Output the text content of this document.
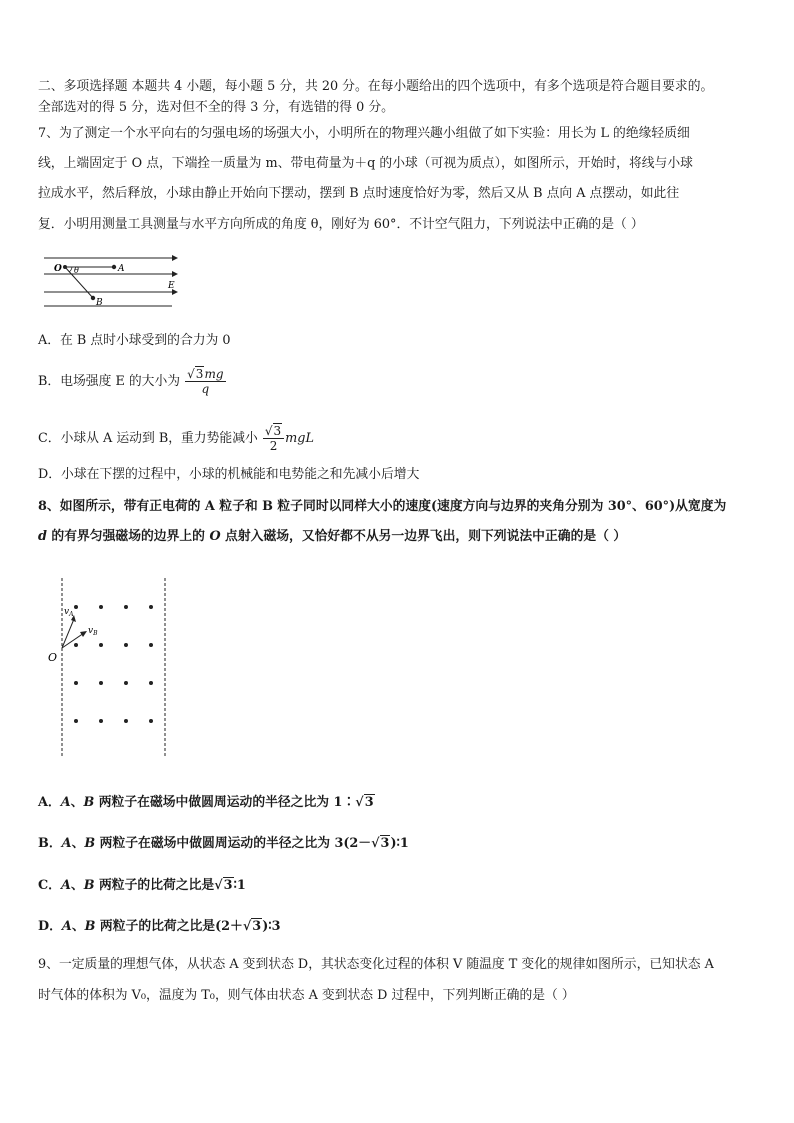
二、多项选择题 本题共 4 小题，每小题 5 分，共 20 分。在每小题给出的四个选项中，有多个选项是符合题目要求的。
全部选对的得 5 分，选对但不全的得 3 分，有选错的得 0 分。
7、为了测定一个水平向右的匀强电场的场强大小，小明所在的物理兴趣小组做了如下实验：用长为 L 的绝缘轻质细
线，上端固定于 O 点，下端拴一质量为 m、带电荷量为＋q 的小球（可视为质点），如图所示，开始时，将线与小球
拉成水平，然后释放，小球由静止开始向下摆动，摆到 B 点时速度恰好为零，然后又从 B 点向 A 点摆动，如此往
复．小明用测量工具测量与水平方向所成的角度 θ，刚好为 60°．不计空气阻力，下列说法中正确的是（ ）
O θ	A
B
E
A．在 B 点时小球受到的合力为 0
B．电场强度 E 的大小为 $\frac{√3mg}{q}$
C．小球从 A 运动到 B，重力势能减小 $\frac{√3}{2}$ mgL
D．小球在下摆的过程中，小球的机械能和电势能之和先减小后增大
8、如图所示，带有正电荷的 A 粒子和 B 粒子同时以同样大小的速度(速度方向与边界的夹角分别为 30°、60°)从宽度为
d 的有界匀强磁场的边界上的 O 点射入磁场，又恰好都不从另一边界飞出，则下列说法中正确的是（ ）
$v_A$
$v_B$
O
A．A、B 两粒子在磁场中做圆周运动的半径之比为 1∶√3
B．A、B 两粒子在磁场中做圆周运动的半径之比为 3(2－√3)∶1
C．A、B 两粒子的比荷之比是√3∶1
D．A、B 两粒子的比荷之比是(2＋√3)∶3
9、一定质量的理想气体，从状态 A 变到状态 D，其状态变化过程的体积 V 随温度 T 变化的规律如图所示，已知状态 A
时气体的体积为 V₀，温度为 T₀，则气体由状态 A 变到状态 D 过程中，下列判断正确的是（ ）
